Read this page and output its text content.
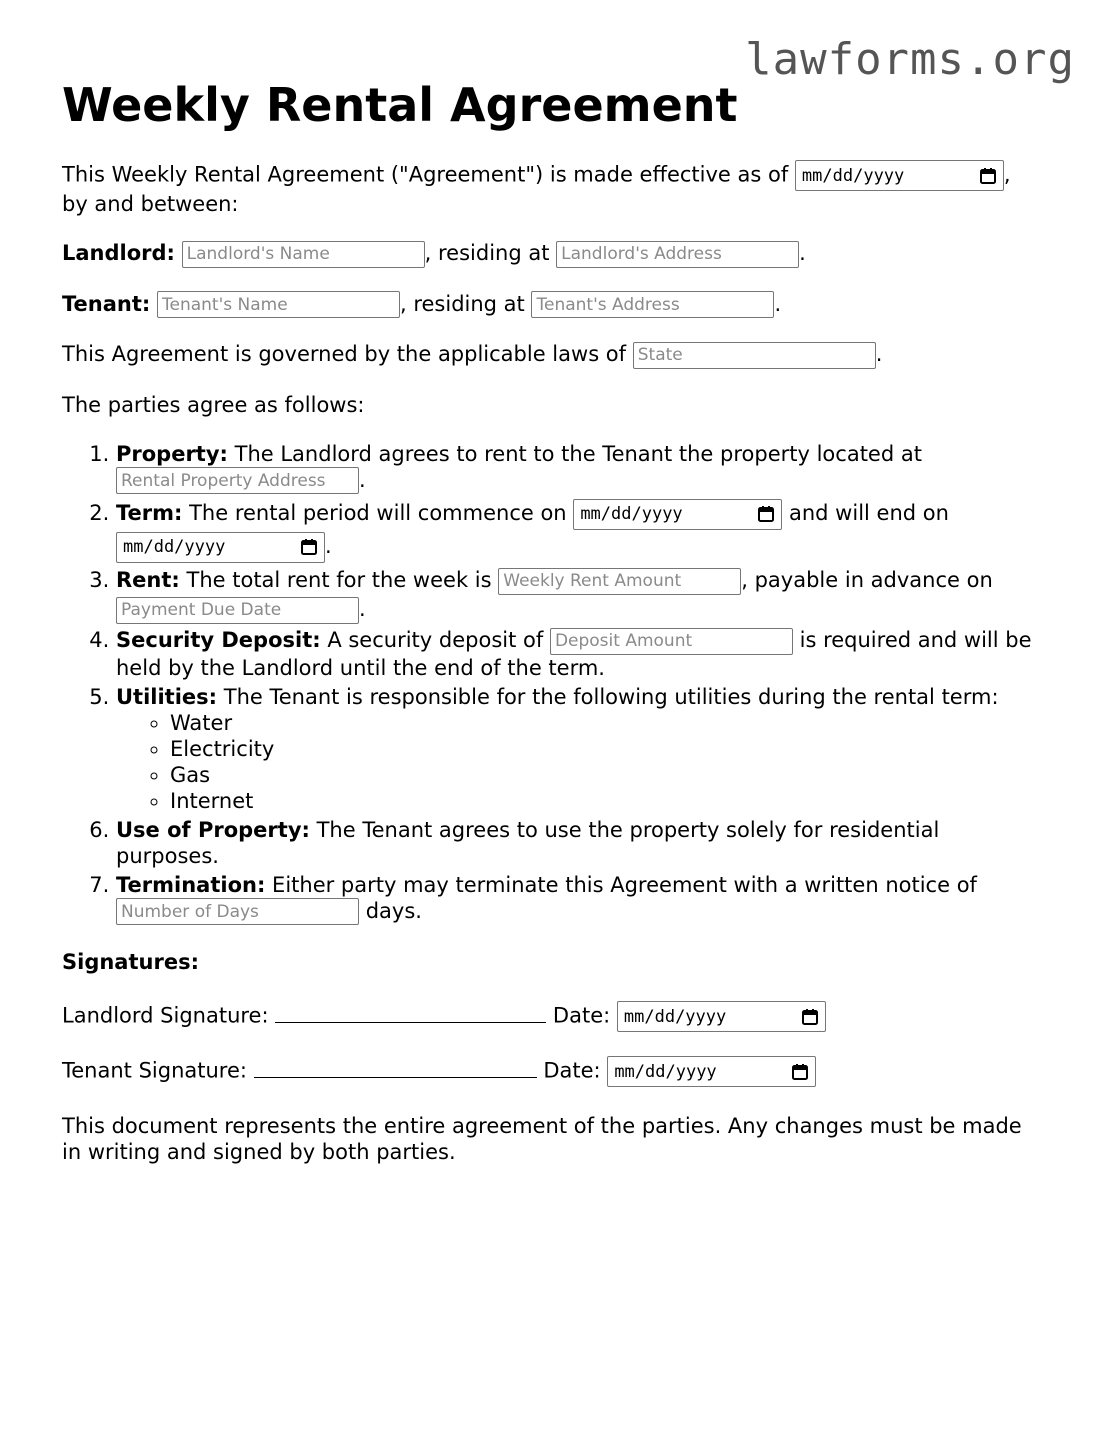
lawforms.org
Weekly Rental Agreement

This Weekly Rental Agreement ("Agreement") is made effective as of mm/dd/yyyy	, by and between:

Landlord: Landlord's Name	, residing at Landlord's Address	.

Tenant: Tenant's Name	, residing at Tenant's Address	.

This Agreement is governed by the applicable laws of State	.

The parties agree as follows:

1. Property: The Landlord agrees to rent to the Tenant the property located at Rental Property Address.
2. Term: The rental period will commence on mm/dd/yyyy	and will end on
mm/dd/yyyy	.
3. Rent: The total rent for the week is Weekly Rent Amount	, payable in advance on Payment Due Date.
4. Security Deposit: A security deposit of Deposit Amount	is required and will be held by the Landlord until the end of the term.
5. Utilities: The Tenant is responsible for the following utilities during the rental term:
◦ Water
◦ Electricity
◦ Gas
◦ Internet
6. Use of Property: The Tenant agrees to use the property solely for residential purposes.
7. Termination: Either party may terminate this Agreement with a written notice of Number of Days days.

Signatures:

Landlord Signature:	Date: mm/dd/yyyy
Tenant Signature:	Date: mm/dd/yyyy

This document represents the entire agreement of the parties. Any changes must be made in writing and signed by both parties.
